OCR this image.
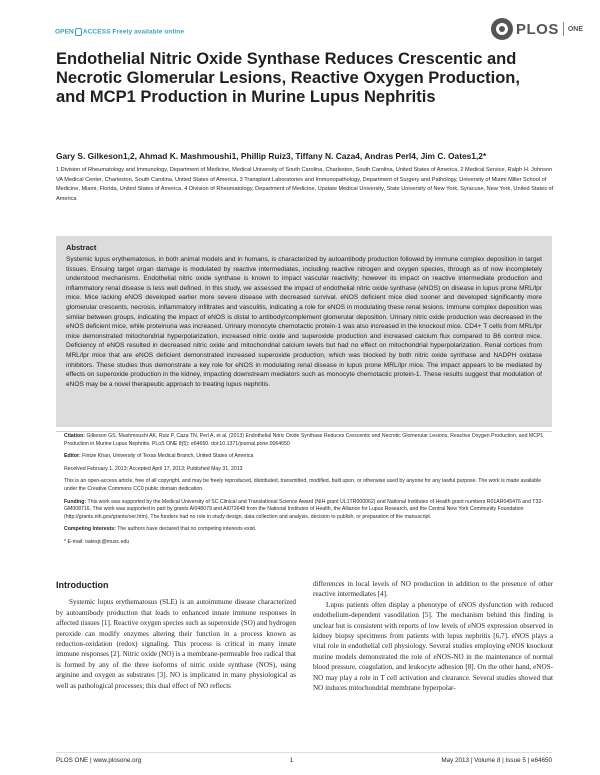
OPEN ACCESS Freely available online	PLOS ONE
Endothelial Nitric Oxide Synthase Reduces Crescentic and Necrotic Glomerular Lesions, Reactive Oxygen Production, and MCP1 Production in Murine Lupus Nephritis
Gary S. Gilkeson1,2, Ahmad K. Mashmoushi1, Phillip Ruiz3, Tiffany N. Caza4, Andras Perl4, Jim C. Oates1,2*
1 Division of Rheumatology and Immunology, Department of Medicine, Medical University of South Carolina, Charleston, South Carolina, United States of America, 2 Medical Service, Ralph H. Johnson VA Medical Center, Charleston, South Carolina, United States of America, 3 Transplant Laboratories and Immunopathology, Department of Surgery and Pathology, University of Miami Miller School of Medicine, Miami, Florida, United States of America, 4 Division of Rheumatology, Department of Medicine, Upstate Medical University, State University of New York, Syracuse, New York, United States of America
Abstract

Systemic lupus erythematosus, in both animal models and in humans, is characterized by autoantibody production followed by immune complex deposition in target tissues. Ensuing target organ damage is modulated by reactive intermediates, including reactive nitrogen and oxygen species, through as of now incompletely understood mechanisms. Endothelial nitric oxide synthase is known to impact vascular reactivity; however its impact on reactive intermediate production and inflammatory renal disease is less well defined. In this study, we assessed the impact of endothelial nitric oxide synthase (eNOS) on disease in lupus prone MRL/lpr mice. Mice lacking eNOS developed earlier more severe disease with decreased survival. eNOS deficient mice died sooner and developed significantly more glomerular crescents, necrosis, inflammatory infiltrates and vasculitis, indicating a role for eNOS in modulating these renal lesions. Immune complex deposition was similar between groups, indicating the impact of eNOS is distal to antibody/complement glomerular deposition. Urinary nitric oxide production was decreased in the eNOS deficient mice, while proteinuria was increased. Urinary monocyte chemotactic protein-1 was also increased in the knockout mice. CD4+ T cells from MRL/lpr mice demonstrated mitochondrial hyperpolarization, increased nitric oxide and superoxide production and increased calcium flux compared to B6 control mice. Deficiency of eNOS resulted in decreased nitric oxide and mitochondrial calcium levels but had no effect on mitochondrial hyperpolarization. Renal cortices from MRL/lpr mice that are eNOS deficient demonstrated increased superoxide production, which was blocked by both nitric oxide synthase and NADPH oxidase inhibitors. These studies thus demonstrate a key role for eNOS in modulating renal disease in lupus prone MRL/lpr mice. The impact appears to be mediated by effects on superoxide production in the kidney, impacting downstream mediators such as monocyte chemotactic protein-1. These results suggest that modulation of eNOS may be a novel therapeutic approach to treating lupus nephritis.

Citation: Gilkeson GS, Mashmoushi AK, Ruiz P, Caza TN, Perl A, et al. (2013) Endothelial Nitric Oxide Synthase Reduces Crescentic and Necrotic Glomerular Lesions, Reactive Oxygen Production, and MCP1 Production in Murine Lupus Nephritis. PLoS ONE 8(5): e64650. doi:10.1371/journal.pone.0064650

Editor: Fintze Khan, University of Texas Medical Branch, United States of America

Received February 1, 2013; Accepted April 17, 2013; Published May 31, 2013

This is an open-access article, free of all copyright, and may be freely reproduced, distributed, transmitted, modified, built upon, or otherwise used by anyone for any lawful purpose. The work is made available under the Creative Commons CC0 public domain dedication.

Funding: This work was supported by the Medical University of SC Clinical and Translational Science Award (NIH grant UL1TR000062) and National Institutes of Health grant numbers R01AR045476 and T32-GM008716. This work was supported in part by grants AI048079 and AI072648 from the National Institutes of Health, the Alliance for Lupus Research, and the Central New York Community Foundation (http://grants.nih.gov/grants/oer.htm). The funders had no role in study design, data collection and analysis, decision to publish, or preparation of the manuscript.

Competing Interests: The authors have declared that no competing interests exist.

* E-mail: oatesjc@musc.edu

Introduction

Systemic lupus erythematosus (SLE) is an autoimmune disease characterized by autoantibody production that leads to enhanced innate immune responses in affected tissues [1]. Reactive oxygen species such as superoxide (SO) and hydrogen peroxide can modify enzymes altering their function in a process known as reduction-oxidation (redox) signaling. This process is critical in many innate immune responses [2]. Nitric oxide (NO) is a membrane-permeable free radical that is formed by any of the three isoforms of nitric oxide synthase (NOS), using arginine and oxygen as substrates [3]. NO is implicated in many physiological as well as pathological processes; this dual effect of NO reflects

differences in local levels of NO production in addition to the presence of other reactive intermediates [4].

Lupus patients often display a phenotype of eNOS dysfunction with reduced endothelium-dependent vasodilation [5]. The mechanism behind this finding is unclear but is consistent with reports of low levels of eNOS expression observed in kidney biopsy specimens from patients with lupus nephritis [6,7]. eNOS plays a vital role in endothelial cell physiology. Several studies employing eNOS knockout murine models demonstrated the role of eNOS-NO in the maintenance of normal blood pressure, coagulation, and leukocyte adhesion [8]. On the other hand, eNOS-NO may play a role in T cell activation and clearance. Several studies showed that NO induces mitochondrial membrane hyperpolar-

PLOS ONE | www.plosone.org	1	May 2013 | Volume 8 | Issue 5 | e64650
